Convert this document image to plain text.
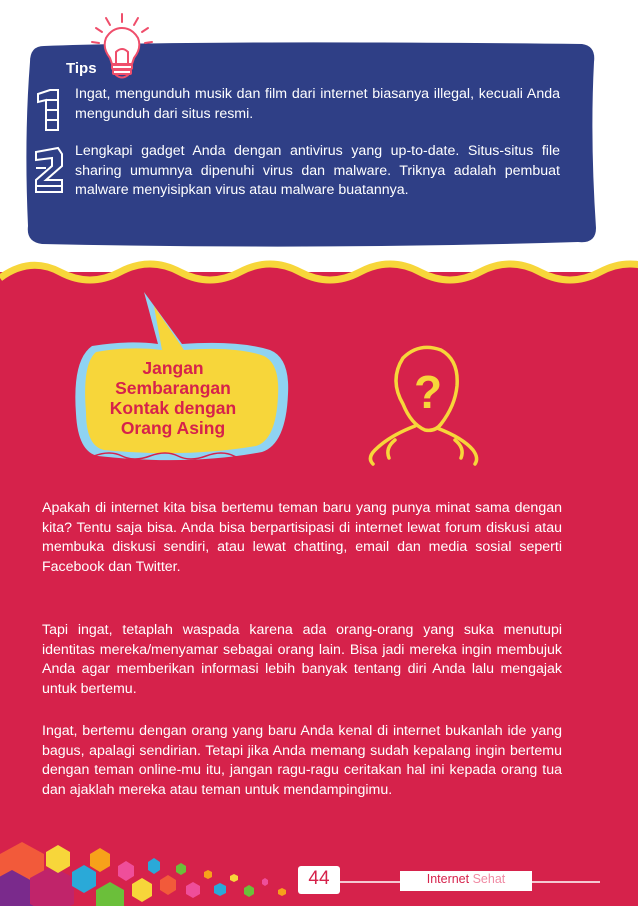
Tips
Ingat, mengunduh musik dan film dari internet biasanya illegal, kecuali Anda mengunduh dari situs resmi.
Lengkapi gadget Anda dengan antivirus yang up-to-date. Situs-situs file sharing umumnya dipenuhi virus dan malware. Triknya adalah pembuat malware menyisipkan virus atau malware buatannya.
Jangan
Sembarangan
Kontak dengan
Orang Asing
?
Apakah di internet kita bisa bertemu teman baru yang punya minat sama dengan kita? Tentu saja bisa. Anda bisa berpartisipasi di internet lewat forum diskusi atau membuka diskusi sendiri, atau lewat chatting, email dan media sosial seperti Facebook dan Twitter.
Tapi ingat, tetaplah waspada karena ada orang-orang yang suka menutupi identitas mereka/menyamar sebagai orang lain. Bisa jadi mereka ingin membujuk Anda agar memberikan informasi lebih banyak tentang diri Anda lalu mengajak untuk bertemu.
Ingat, bertemu dengan orang yang baru Anda kenal di internet bukanlah ide yang bagus, apalagi sendirian. Tetapi jika Anda memang sudah kepalang ingin bertemu dengan teman online-mu itu, jangan ragu-ragu ceritakan hal ini kepada orang tua dan ajaklah mereka atau teman untuk mendampingimu.
44	Internet Sehat
